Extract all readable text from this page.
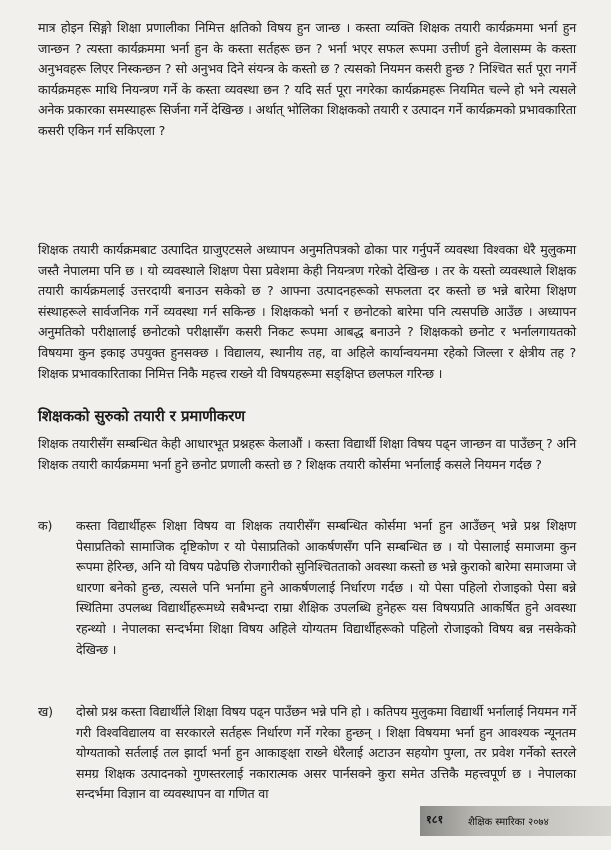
मात्र होइन सिङ्गो शिक्षा प्रणालीका निमित्त क्षतिको विषय हुन जान्छ । कस्ता व्यक्ति शिक्षक तयारी कार्यक्रममा भर्ना हुन जान्छन ? त्यस्ता कार्यक्रममा भर्ना हुन के कस्ता सर्तहरू छन ? भर्ना भएर सफल रूपमा उत्तीर्ण हुने वेलासम्म के कस्ता अनुभवहरू लिएर निस्कन्छन ? सो अनुभव दिने संयन्त्र के कस्तो छ ? त्यसको नियमन कसरी हुन्छ ? निश्चित सर्त पूरा नगर्ने कार्यक्रमहरू माथि नियन्त्रण गर्ने के कस्ता व्यवस्था छन ? यदि सर्त पूरा नगरेका कार्यक्रमहरू नियमित चल्ने हो भने त्यसले अनेक प्रकारका समस्याहरू सिर्जना गर्ने देखिन्छ । अर्थात् भोलिका शिक्षकको तयारी र उत्पादन गर्ने कार्यक्रमको प्रभावकारिता कसरी एकिन गर्न सकिएला ?
शिक्षक तयारी कार्यक्रमबाट उत्पादित ग्राजुएटसले अध्यापन अनुमतिपत्रको ढोका पार गर्नुपर्ने व्यवस्था विश्वका धेरै मुलुकमा जस्तै नेपालमा पनि छ । यो व्यवस्थाले शिक्षण पेसा प्रवेशमा केही नियन्त्रण गरेको देखिन्छ । तर के यस्तो व्यवस्थाले शिक्षक तयारी कार्यक्रमलाई उत्तरदायी बनाउन सकेको छ ? आफ्ना उत्पादनहरूको सफलता दर कस्तो छ भन्ने बारेमा शिक्षण संस्थाहरूले सार्वजनिक गर्ने व्यवस्था गर्न सकिन्छ । शिक्षकको भर्ना र छनोटको बारेमा पनि त्यसपछि आउँछ । अध्यापन अनुमतिको परीक्षालाई छनोटको परीक्षासँग कसरी निकट रूपमा आबद्ध बनाउने ? शिक्षकको छनोट र भर्नालगायतको विषयमा कुन इकाइ उपयुक्त हुनसक्छ । विद्यालय, स्थानीय तह, वा अहिले कार्यान्वयनमा रहेको जिल्ला र क्षेत्रीय तह ? शिक्षक प्रभावकारिताका निमित्त निकै महत्त्व राख्ने यी विषयहरूमा सङ्क्षिप्त छलफल गरिन्छ ।
शिक्षकको सुरुको तयारी र प्रमाणीकरण
शिक्षक तयारीसँग सम्बन्धित केही आधारभूत प्रश्नहरू केलाऔं । कस्ता विद्यार्थी शिक्षा विषय पढ्न जान्छन वा पाउँछन् ? अनि शिक्षक तयारी कार्यक्रममा भर्ना हुने छनोट प्रणाली कस्तो छ ? शिक्षक तयारी कोर्समा भर्नालाई कसले नियमन गर्दछ ?
क)	कस्ता विद्यार्थीहरू शिक्षा विषय वा शिक्षक तयारीसँग सम्बन्धित कोर्समा भर्ना हुन आउँछन् भन्ने प्रश्न शिक्षण पेसाप्रतिको सामाजिक दृष्टिकोण र यो पेसाप्रतिको आकर्षणसँग पनि सम्बन्धित छ । यो पेसालाई समाजमा कुन रूपमा हेरिन्छ, अनि यो विषय पढेपछि रोजगारीको सुनिश्चितताको अवस्था कस्तो छ भन्ने कुराको बारेमा समाजमा जे धारणा बनेको हुन्छ, त्यसले पनि भर्नामा हुने आकर्षणलाई निर्धारण गर्दछ । यो पेसा पहिलो रोजाइको पेसा बन्ने स्थितिमा उपलब्ध विद्यार्थीहरूमध्ये सबैभन्दा राम्रा शैक्षिक उपलब्धि हुनेहरू यस विषयप्रति आकर्षित हुने अवस्था रहन्थ्यो । नेपालका सन्दर्भमा शिक्षा विषय अहिले योग्यतम विद्यार्थीहरूको पहिलो रोजाइको विषय बन्न नसकेको देखिन्छ ।
ख)	दोस्रो प्रश्न कस्ता विद्यार्थीले शिक्षा विषय पढ्न पाउँछन भन्ने पनि हो । कतिपय मुलुकमा विद्यार्थी भर्नालाई नियमन गर्ने गरी विश्वविद्यालय वा सरकारले सर्तहरू निर्धारण गर्ने गरेका हुन्छन् । शिक्षा विषयमा भर्ना हुन आवश्यक न्यूनतम योग्यताको सर्तलाई तल झार्दा भर्ना हुन आकाङ्क्षा राख्ने धेरैलाई अटाउन सहयोग पुग्ला, तर प्रवेश गर्नेको स्तरले समग्र शिक्षक उत्पादनको गुणस्तरलाई नकारात्मक असर पार्नसक्ने कुरा समेत उत्तिकै महत्त्वपूर्ण छ । नेपालका सन्दर्भमा विज्ञान वा व्यवस्थापन वा गणित वा
१८१ शैक्षिक स्मारिका २०७४
